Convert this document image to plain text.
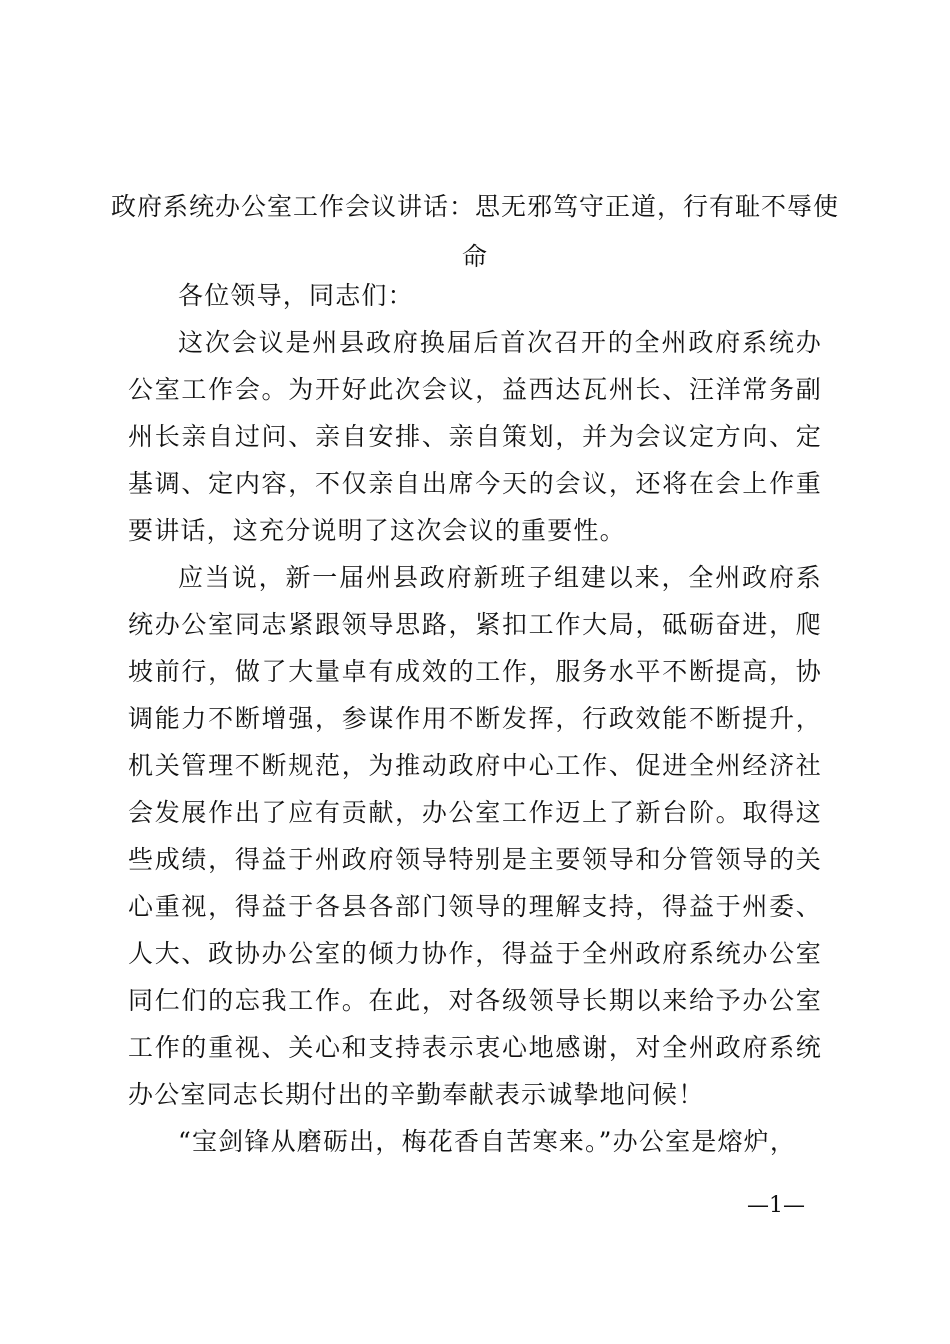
政府系统办公室工作会议讲话：思无邪笃守正道，行有耻不辱使命

各位领导，同志们：

这次会议是州县政府换届后首次召开的全州政府系统办公室工作会。为开好此次会议，益西达瓦州长、汪洋常务副州长亲自过问、亲自安排、亲自策划，并为会议定方向、定基调、定内容，不仅亲自出席今天的会议，还将在会上作重要讲话，这充分说明了这次会议的重要性。

应当说，新一届州县政府新班子组建以来，全州政府系统办公室同志紧跟领导思路，紧扣工作大局，砥砺奋进，爬坡前行，做了大量卓有成效的工作，服务水平不断提高，协调能力不断增强，参谋作用不断发挥，行政效能不断提升，机关管理不断规范，为推动政府中心工作、促进全州经济社会发展作出了应有贡献，办公室工作迈上了新台阶。取得这些成绩，得益于州政府领导特别是主要领导和分管领导的关心重视，得益于各县各部门领导的理解支持，得益于州委、人大、政协办公室的倾力协作，得益于全州政府系统办公室同仁们的忘我工作。在此，对各级领导长期以来给予办公室工作的重视、关心和支持表示衷心地感谢，对全州政府系统办公室同志长期付出的辛勤奉献表示诚挚地问候！

“宝剑锋从磨砺出，梅花香自苦寒来。”办公室是熔炉，

—1—
